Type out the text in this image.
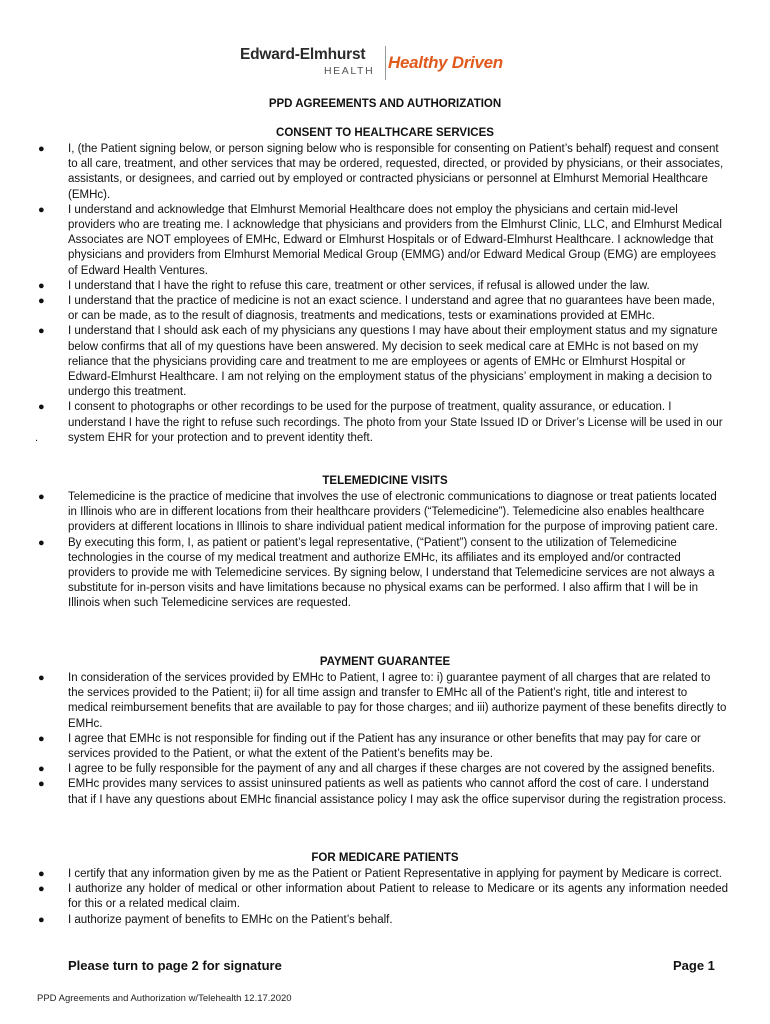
Edward-Elmhurst
HEALTH Healthy Driven
PPD AGREEMENTS AND AUTHORIZATION
CONSENT TO HEALTHCARE SERVICES
● I, (the Patient signing below, or person signing below who is responsible for consenting on Patient’s behalf) request and consent to all care, treatment, and other services that may be ordered, requested, directed, or provided by physicians, or their associates, assistants, or designees, and carried out by employed or contracted physicians or personnel at Elmhurst Memorial Healthcare (EMHc).
● I understand and acknowledge that Elmhurst Memorial Healthcare does not employ the physicians and certain mid-level providers who are treating me. I acknowledge that physicians and providers from the Elmhurst Clinic, LLC, and Elmhurst Medical Associates are NOT employees of EMHc, Edward or Elmhurst Hospitals or of Edward-Elmhurst Healthcare. I acknowledge that physicians and providers from Elmhurst Memorial Medical Group (EMMG) and/or Edward Medical Group (EMG) are employees of Edward Health Ventures.
● I understand that I have the right to refuse this care, treatment or other services, if refusal is allowed under the law.
● I understand that the practice of medicine is not an exact science. I understand and agree that no guarantees have been made, or can be made, as to the result of diagnosis, treatments and medications, tests or examinations provided at EMHc.
● I understand that I should ask each of my physicians any questions I may have about their employment status and my signature below confirms that all of my questions have been answered. My decision to seek medical care at EMHc is not based on my reliance that the physicians providing care and treatment to me are employees or agents of EMHc or Elmhurst Hospital or Edward-Elmhurst Healthcare. I am not relying on the employment status of the physicians’ employment in making a decision to undergo this treatment.
● I consent to photographs or other recordings to be used for the purpose of treatment, quality assurance, or education. I understand I have the right to refuse such recordings. The photo from your State Issued ID or Driver’s License will be used in our system EHR for your protection and to prevent identity theft.
.
TELEMEDICINE VISITS
● Telemedicine is the practice of medicine that involves the use of electronic communications to diagnose or treat patients located in Illinois who are in different locations from their healthcare providers (“Telemedicine”). Telemedicine also enables healthcare providers at different locations in Illinois to share individual patient medical information for the purpose of improving patient care.
● By executing this form, I, as patient or patient’s legal representative, (“Patient”) consent to the utilization of Telemedicine technologies in the course of my medical treatment and authorize EMHc, its affiliates and its employed and/or contracted providers to provide me with Telemedicine services. By signing below, I understand that Telemedicine services are not always a substitute for in-person visits and have limitations because no physical exams can be performed. I also affirm that I will be in Illinois when such Telemedicine services are requested.
PAYMENT GUARANTEE
● In consideration of the services provided by EMHc to Patient, I agree to: i) guarantee payment of all charges that are related to the services provided to the Patient; ii) for all time assign and transfer to EMHc all of the Patient’s right, title and interest to medical reimbursement benefits that are available to pay for those charges; and iii) authorize payment of these benefits directly to EMHc.
● I agree that EMHc is not responsible for finding out if the Patient has any insurance or other benefits that may pay for care or services provided to the Patient, or what the extent of the Patient’s benefits may be.
● I agree to be fully responsible for the payment of any and all charges if these charges are not covered by the assigned benefits.
● EMHc provides many services to assist uninsured patients as well as patients who cannot afford the cost of care. I understand that if I have any questions about EMHc financial assistance policy I may ask the office supervisor during the registration process.
FOR MEDICARE PATIENTS
● I certify that any information given by me as the Patient or Patient Representative in applying for payment by Medicare is correct.
● I authorize any holder of medical or other information about Patient to release to Medicare or its agents any information needed for this or a related medical claim.
● I authorize payment of benefits to EMHc on the Patient’s behalf.
Please turn to page 2 for signature	Page 1
PPD Agreements and Authorization w/Telehealth 12.17.2020
